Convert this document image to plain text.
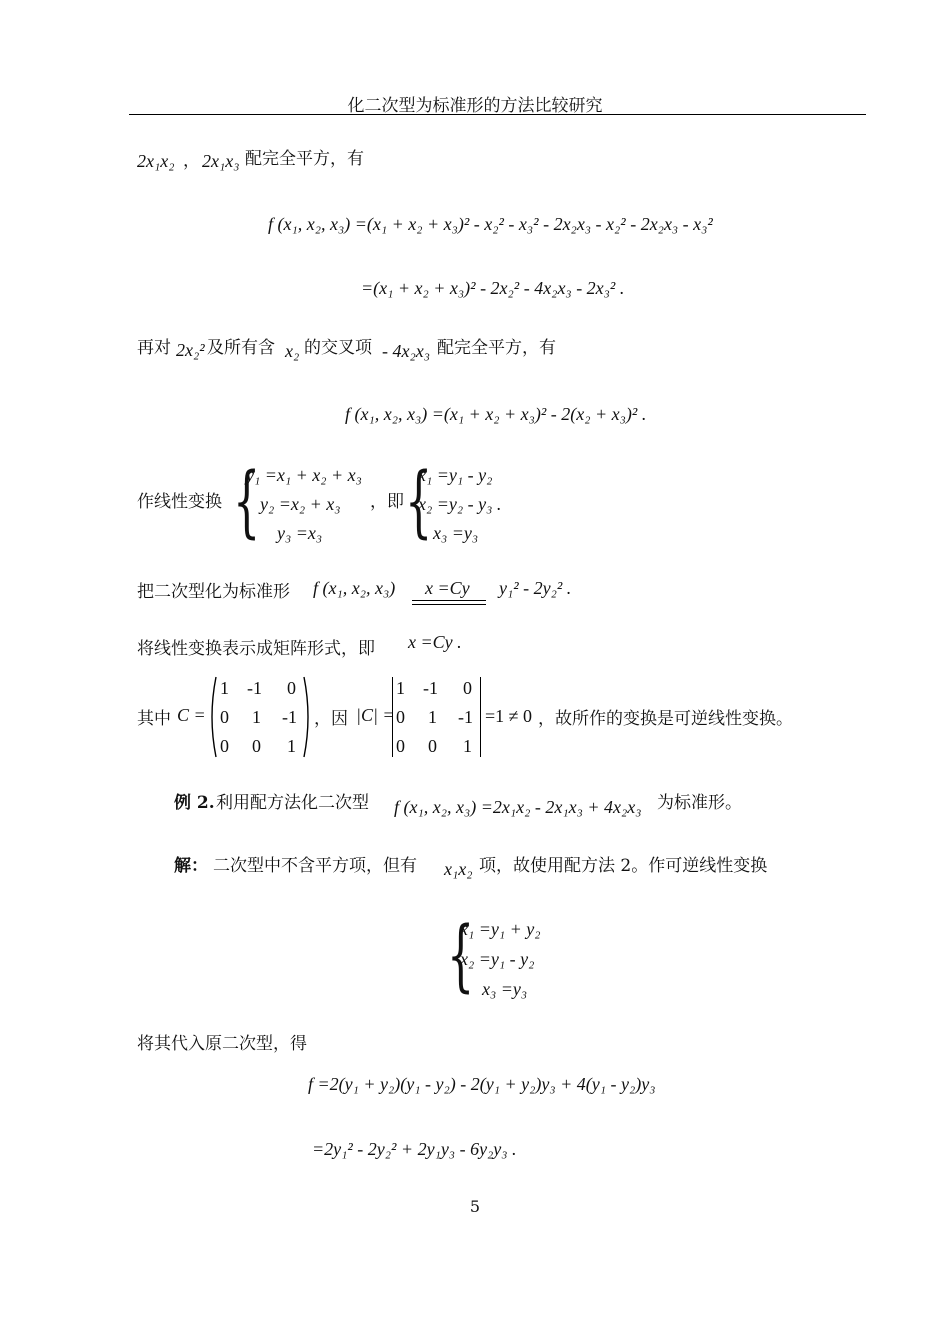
化二次型为标准形的方法比较研究
2x₁x₂ ， 2x₁x₃ 配完全平方，有
f (x₁, x₂, x₃) =(x₁ + x₂ + x₃)² - x₂² - x₃² - 2x₂x₃ - x₂² - 2x₂x₃ - x₃²
=(x₁ + x₂ + x₃)² - 2x₂² - 4x₂x₃ - 2x₃² .
再对 2x₂² 及所有含 x₂ 的交叉项 - 4x₂x₃ 配完全平方，有
f (x₁, x₂, x₃) =(x₁ + x₂ + x₃)² - 2(x₂ + x₃)² .
作线性变换 {
y₁ =x₁ + x₂ + x₃
y₂ =x₂ + x₃
y₃ =x₃
，即 {
x₁ =y₁ - y₂
x₂ =y₂ - y₃ .
x₃ =y₃
把二次型化为标准形 f (x₁, x₂, x₃) x =Cy y₁² - 2y₂² .
将线性变换表示成矩阵形式，即 x =Cy .
其中 C =
1 -1 0
0 1 -1
0 0 1
，因 |C| =
1 -1 0
0 1 -1
0 0 1
=1 ≠ 0 ，故所作的变换是可逆线性变换。
例 2. 利用配方法化二次型 f (x₁, x₂, x₃) =2x₁x₂ - 2x₁x₃ + 4x₂x₃ 为标准形。
解： 二次型中不含平方项，但有 x₁x₂ 项，故使用配方法 2。作可逆线性变换
{
x₁ =y₁ + y₂
x₂ =y₁ - y₂
x₃ =y₃
将其代入原二次型，得
f =2(y₁ + y₂)(y₁ - y₂) - 2(y₁ + y₂)y₃ + 4(y₁ - y₂)y₃
=2y₁² - 2y₂² + 2y₁y₃ - 6y₂y₃ .
5
